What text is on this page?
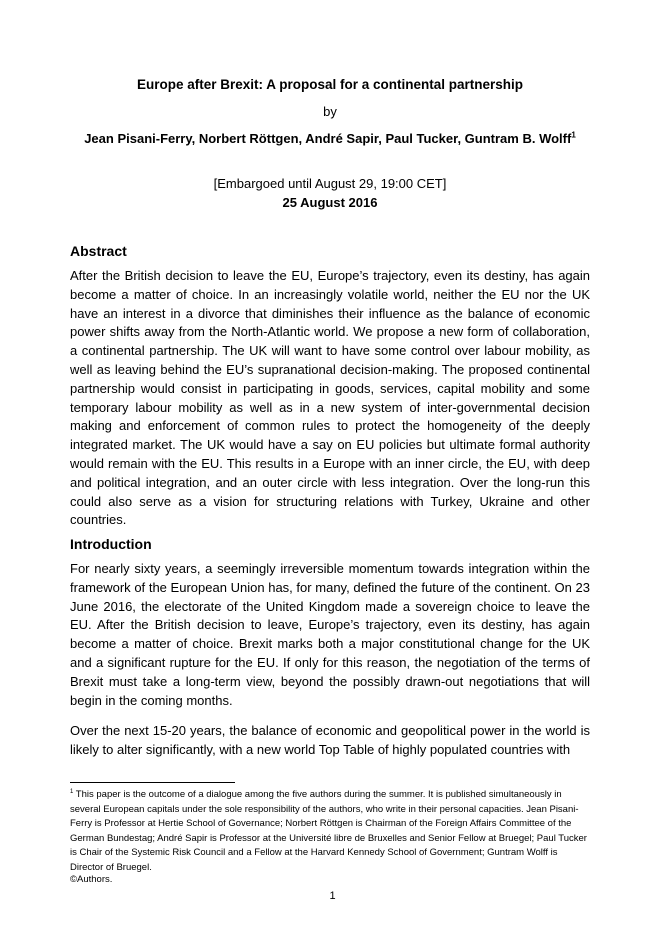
Europe after Brexit: A proposal for a continental partnership
by
Jean Pisani-Ferry, Norbert Röttgen, André Sapir, Paul Tucker, Guntram B. Wolff$^1$
[Embargoed until August 29, 19:00 CET]
25 August 2016
Abstract

After the British decision to leave the EU, Europe’s trajectory, even its destiny, has again become a matter of choice. In an increasingly volatile world, neither the EU nor the UK have an interest in a divorce that diminishes their influence as the balance of economic power shifts away from the North-Atlantic world. We propose a new form of collaboration, a continental partnership. The UK will want to have some control over labour mobility, as well as leaving behind the EU’s supranational decision-making. The proposed continental partnership would consist in participating in goods, services, capital mobility and some temporary labour mobility as well as in a new system of inter-governmental decision making and enforcement of common rules to protect the homogeneity of the deeply integrated market. The UK would have a say on EU policies but ultimate formal authority would remain with the EU. This results in a Europe with an inner circle, the EU, with deep and political integration, and an outer circle with less integration. Over the long-run this could also serve as a vision for structuring relations with Turkey, Ukraine and other countries.

Introduction

For nearly sixty years, a seemingly irreversible momentum towards integration within the framework of the European Union has, for many, defined the future of the continent. On 23 June 2016, the electorate of the United Kingdom made a sovereign choice to leave the EU. After the British decision to leave, Europe’s trajectory, even its destiny, has again become a matter of choice. Brexit marks both a major constitutional change for the UK and a significant rupture for the EU. If only for this reason, the negotiation of the terms of Brexit must take a long-term view, beyond the possibly drawn-out negotiations that will begin in the coming months.

Over the next 15-20 years, the balance of economic and geopolitical power in the world is likely to alter significantly, with a new world Top Table of highly populated countries with

$^1$ This paper is the outcome of a dialogue among the five authors during the summer. It is published simultaneously in several European capitals under the sole responsibility of the authors, who write in their personal capacities. Jean Pisani-Ferry is Professor at Hertie School of Governance; Norbert Röttgen is Chairman of the Foreign Affairs Committee of the German Bundestag; André Sapir is Professor at the Université libre de Bruxelles and Senior Fellow at Bruegel; Paul Tucker is Chair of the Systemic Risk Council and a Fellow at the Harvard Kennedy School of Government; Guntram Wolff is Director of Bruegel.

©Authors.
1
